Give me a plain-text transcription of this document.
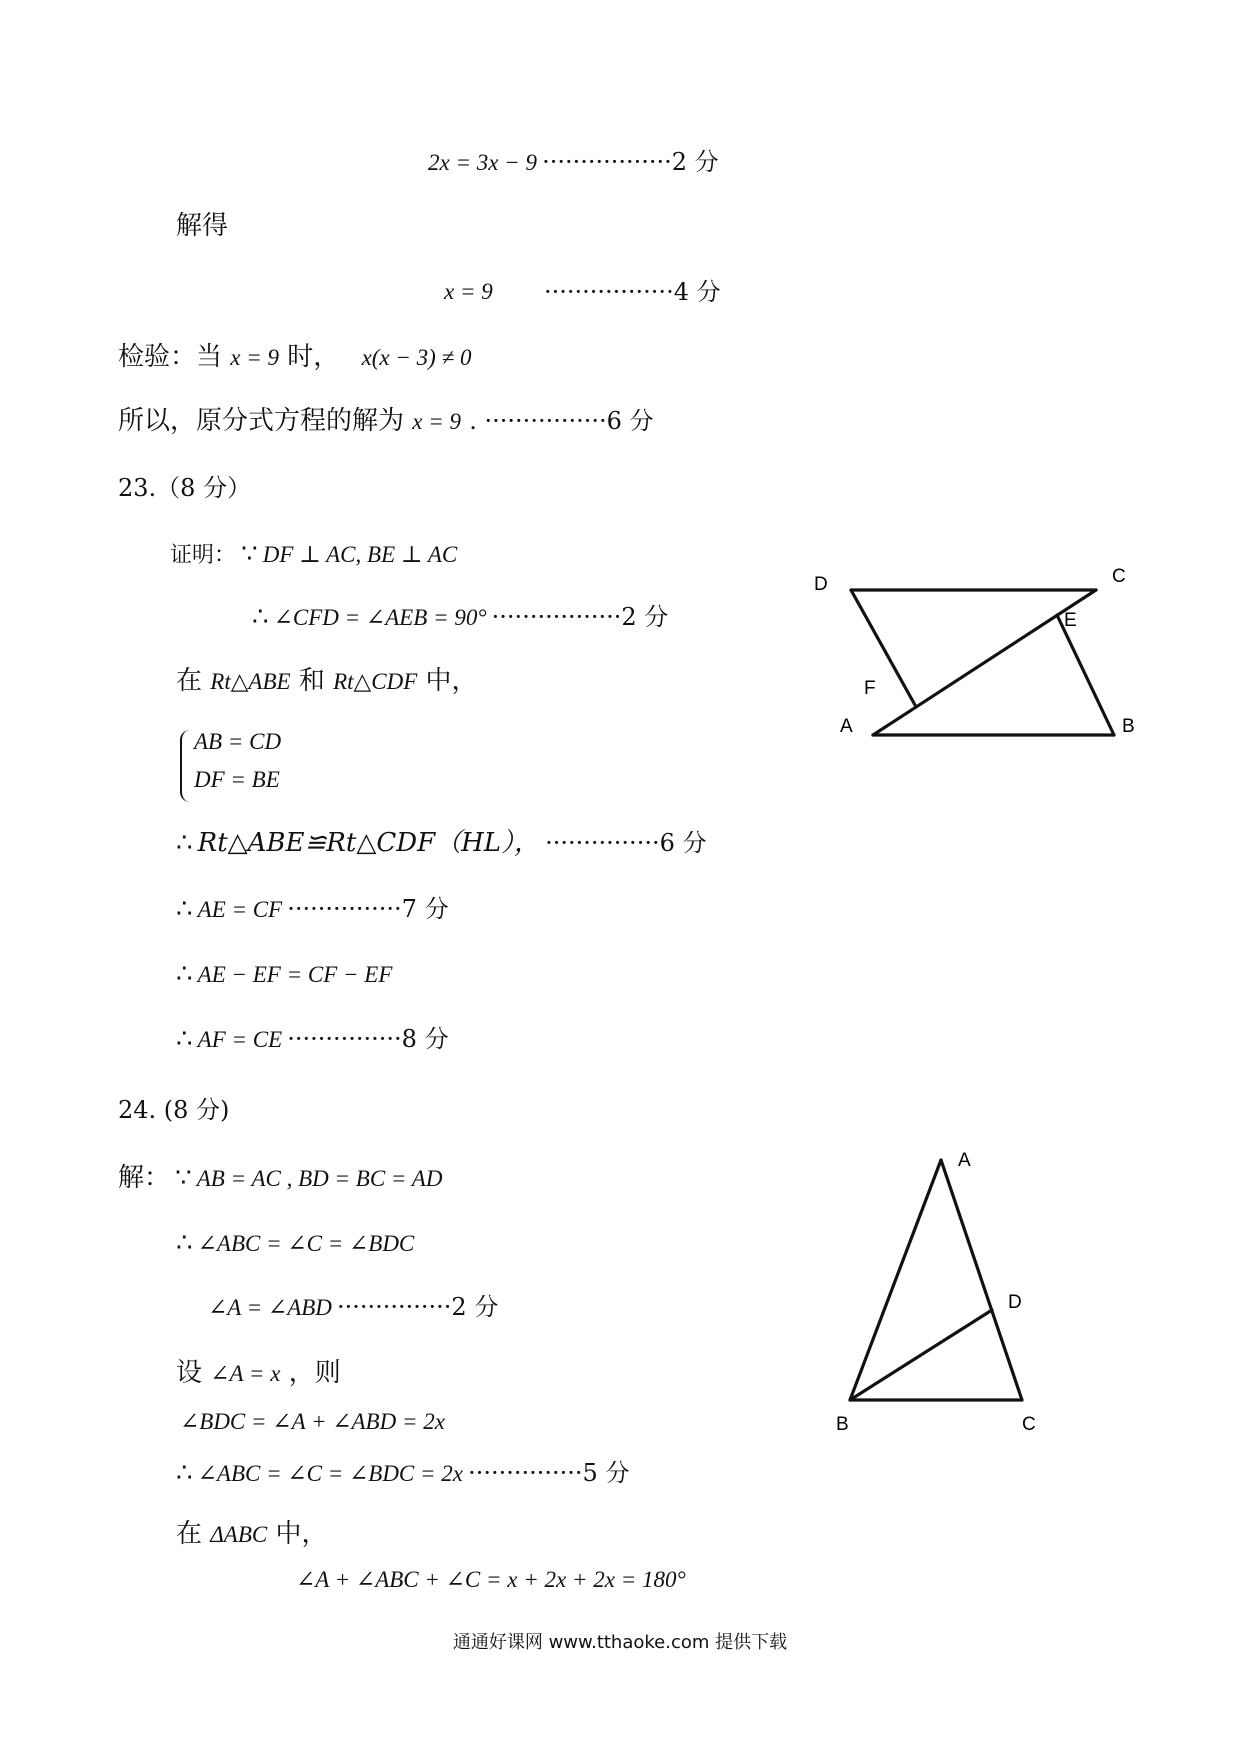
2x = 3x − 9 ·················2 分
解得
x = 9 ·················4 分
检验：当 x = 9 时， x(x − 3) ≠ 0
所以，原分式方程的解为 x = 9 . ················6 分
23.（8 分）
证明： ∵ DF ⊥ AC, BE ⊥ AC
∴ ∠CFD = ∠AEB = 90° ·················2 分
在 Rt△ABE 和 Rt△CDF 中，
AB = CD
DF = BE
∴ Rt△ABE≌Rt△CDF（HL）， ···············6 分
∴ AE = CF ···············7 分
∴ AE − EF = CF − EF
∴ AF = CE ···············8 分
D	C
E
F
A	B
24. (8 分)
解： ∵ AB = AC , BD = BC = AD
∴ ∠ABC = ∠C = ∠BDC
∠A = ∠ABD ···············2 分
设 ∠A = x ，则
∠BDC = ∠A + ∠ABD = 2x
∴ ∠ABC = ∠C = ∠BDC = 2x ···············5 分
在 ΔABC 中，
∠A + ∠ABC + ∠C = x + 2x + 2x = 180°
A
D
B	C
通通好课网 www.tthaoke.com 提供下载
